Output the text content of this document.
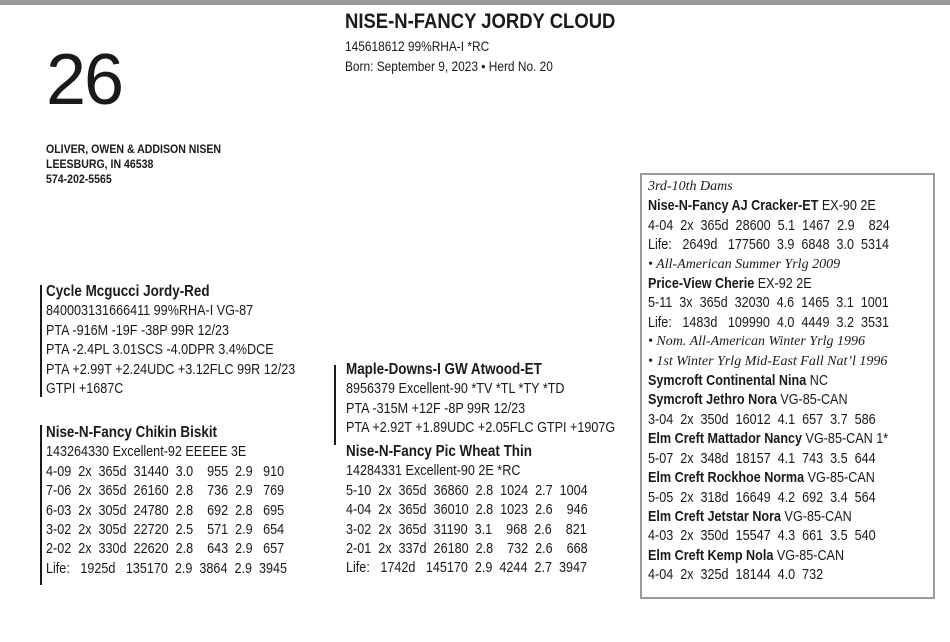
26
NISE-N-FANCY JORDY CLOUD
145618612 99%RHA-I *RC
Born: September 9, 2023 • Herd No. 20
OLIVER, OWEN & ADDISON NISEN
LEESBURG, IN 46538
574-202-5565
Cycle Mcgucci Jordy-Red
840003131666411 99%RHA-I VG-87
PTA -916M -19F -38P 99R 12/23
PTA -2.4PL 3.01SCS -4.0DPR 3.4%DCE
PTA +2.99T +2.24UDC +3.12FLC 99R 12/23
GTPI +1687C
Nise-N-Fancy Chikin Biskit
143264330 Excellent-92 EEEEE 3E
4-09  2x  365d  31440  3.0    955  2.9   910
7-06  2x  365d  26160  2.8    736  2.9   769
6-03  2x  305d  24780  2.8    692  2.8   695
3-02  2x  305d  22720  2.5    571  2.9   654
2-02  2x  330d  22620  2.8    643  2.9   657
Life:   1925d   135170  2.9  3864  2.9  3945
Maple-Downs-I GW Atwood-ET
8956379 Excellent-90 *TV *TL *TY *TD
PTA -315M +12F -8P 99R 12/23
PTA +2.92T +1.89UDC +2.05FLC GTPI +1907G
Nise-N-Fancy Pic Wheat Thin
14284331 Excellent-90 2E *RC
5-10  2x  365d  36860  2.8  1024  2.7  1004
4-04  2x  365d  36010  2.8  1023  2.6    946
3-02  2x  365d  31190  3.1    968  2.6    821
2-01  2x  337d  26180  2.8    732  2.6    668
Life:   1742d   145170  2.9  4244  2.7  3947
3rd-10th Dams
Nise-N-Fancy AJ Cracker-ET EX-90 2E
4-04  2x  365d  28600  5.1  1467  2.9    824
Life:   2649d   177560  3.9  6848  3.0  5314
• All-American Summer Yrlg 2009
Price-View Cherie EX-92 2E
5-11  3x  365d  32030  4.6  1465  3.1  1001
Life:   1483d   109990  4.0  4449  3.2  3531
• Nom. All-American Winter Yrlg 1996
• 1st Winter Yrlg Mid-East Fall Nat’l 1996
Symcroft Continental Nina NC
Symcroft Jethro Nora VG-85-CAN
3-04  2x  350d  16012  4.1  657  3.7  586
Elm Creft Mattador Nancy VG-85-CAN 1*
5-07  2x  348d  18157  4.1  743  3.5  644
Elm Creft Rockhoe Norma VG-85-CAN
5-05  2x  318d  16649  4.2  692  3.4  564
Elm Creft Jetstar Nora VG-85-CAN
4-03  2x  350d  15547  4.3  661  3.5  540
Elm Creft Kemp Nola VG-85-CAN
4-04  2x  325d  18144  4.0  732
